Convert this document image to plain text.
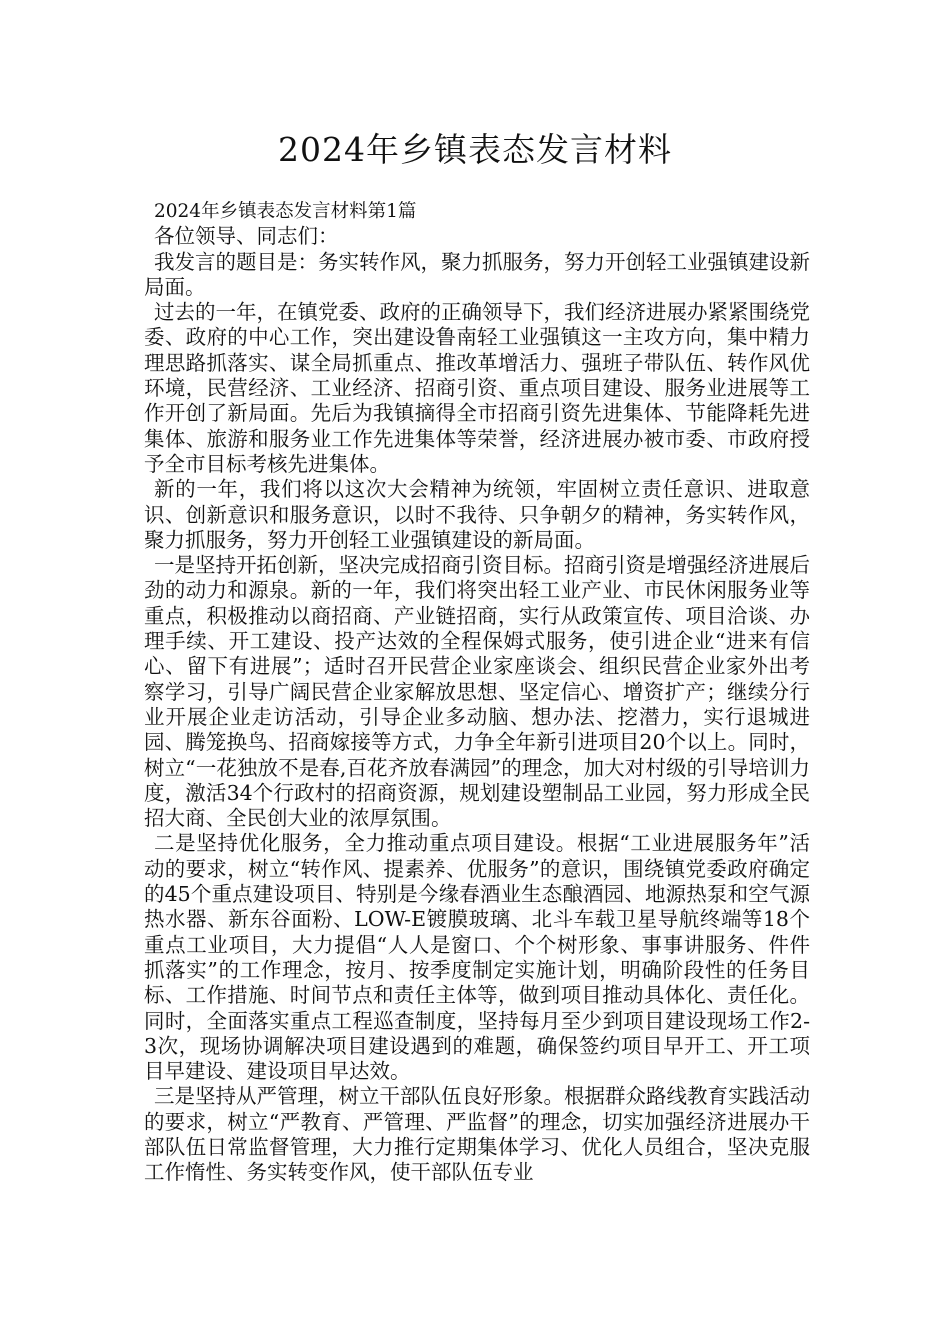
2024年乡镇表态发言材料

2024年乡镇表态发言材料第1篇

各位领导、同志们：

我发言的题目是：务实转作风，聚力抓服务，努力开创轻工业强镇建设新局面。

过去的一年，在镇党委、政府的正确领导下，我们经济进展办紧紧围绕党委、政府的中心工作，突出建设鲁南轻工业强镇这一主攻方向，集中精力理思路抓落实、谋全局抓重点、推改革增活力、强班子带队伍、转作风优环境，民营经济、工业经济、招商引资、重点项目建设、服务业进展等工作开创了新局面。先后为我镇摘得全市招商引资先进集体、节能降耗先进集体、旅游和服务业工作先进集体等荣誉，经济进展办被市委、市政府授予全市目标考核先进集体。

新的一年，我们将以这次大会精神为统领，牢固树立责任意识、进取意识、创新意识和服务意识，以时不我待、只争朝夕的精神，务实转作风，聚力抓服务，努力开创轻工业强镇建设的新局面。

一是坚持开拓创新，坚决完成招商引资目标。招商引资是增强经济进展后劲的动力和源泉。新的一年，我们将突出轻工业产业、市民休闲服务业等重点，积极推动以商招商、产业链招商，实行从政策宣传、项目洽谈、办理手续、开工建设、投产达效的全程保姆式服务，使引进企业“进来有信心、留下有进展”；适时召开民营企业家座谈会、组织民营企业家外出考察学习，引导广阔民营企业家解放思想、坚定信心、增资扩产；继续分行业开展企业走访活动，引导企业多动脑、想办法、挖潜力，实行退城进园、腾笼换鸟、招商嫁接等方式，力争全年新引进项目20个以上。同时，树立“一花独放不是春,百花齐放春满园”的理念，加大对村级的引导培训力度，激活34个行政村的招商资源，规划建设塑制品工业园，努力形成全民招大商、全民创大业的浓厚氛围。

二是坚持优化服务，全力推动重点项目建设。根据“工业进展服务年”活动的要求，树立“转作风、提素养、优服务”的意识，围绕镇党委政府确定的45个重点建设项目、特别是今缘春酒业生态酿酒园、地源热泵和空气源热水器、新东谷面粉、LOW-E镀膜玻璃、北斗车载卫星导航终端等18个重点工业项目，大力提倡“人人是窗口、个个树形象、事事讲服务、件件抓落实”的工作理念，按月、按季度制定实施计划，明确阶段性的任务目标、工作措施、时间节点和责任主体等，做到项目推动具体化、责任化。同时，全面落实重点工程巡查制度，坚持每月至少到项目建设现场工作2-3次，现场协调解决项目建设遇到的难题，确保签约项目早开工、开工项目早建设、建设项目早达效。

三是坚持从严管理，树立干部队伍良好形象。根据群众路线教育实践活动的要求，树立“严教育、严管理、严监督”的理念，切实加强经济进展办干部队伍日常监督管理，大力推行定期集体学习、优化人员组合，坚决克服工作惰性、务实转变作风，使干部队伍专业
